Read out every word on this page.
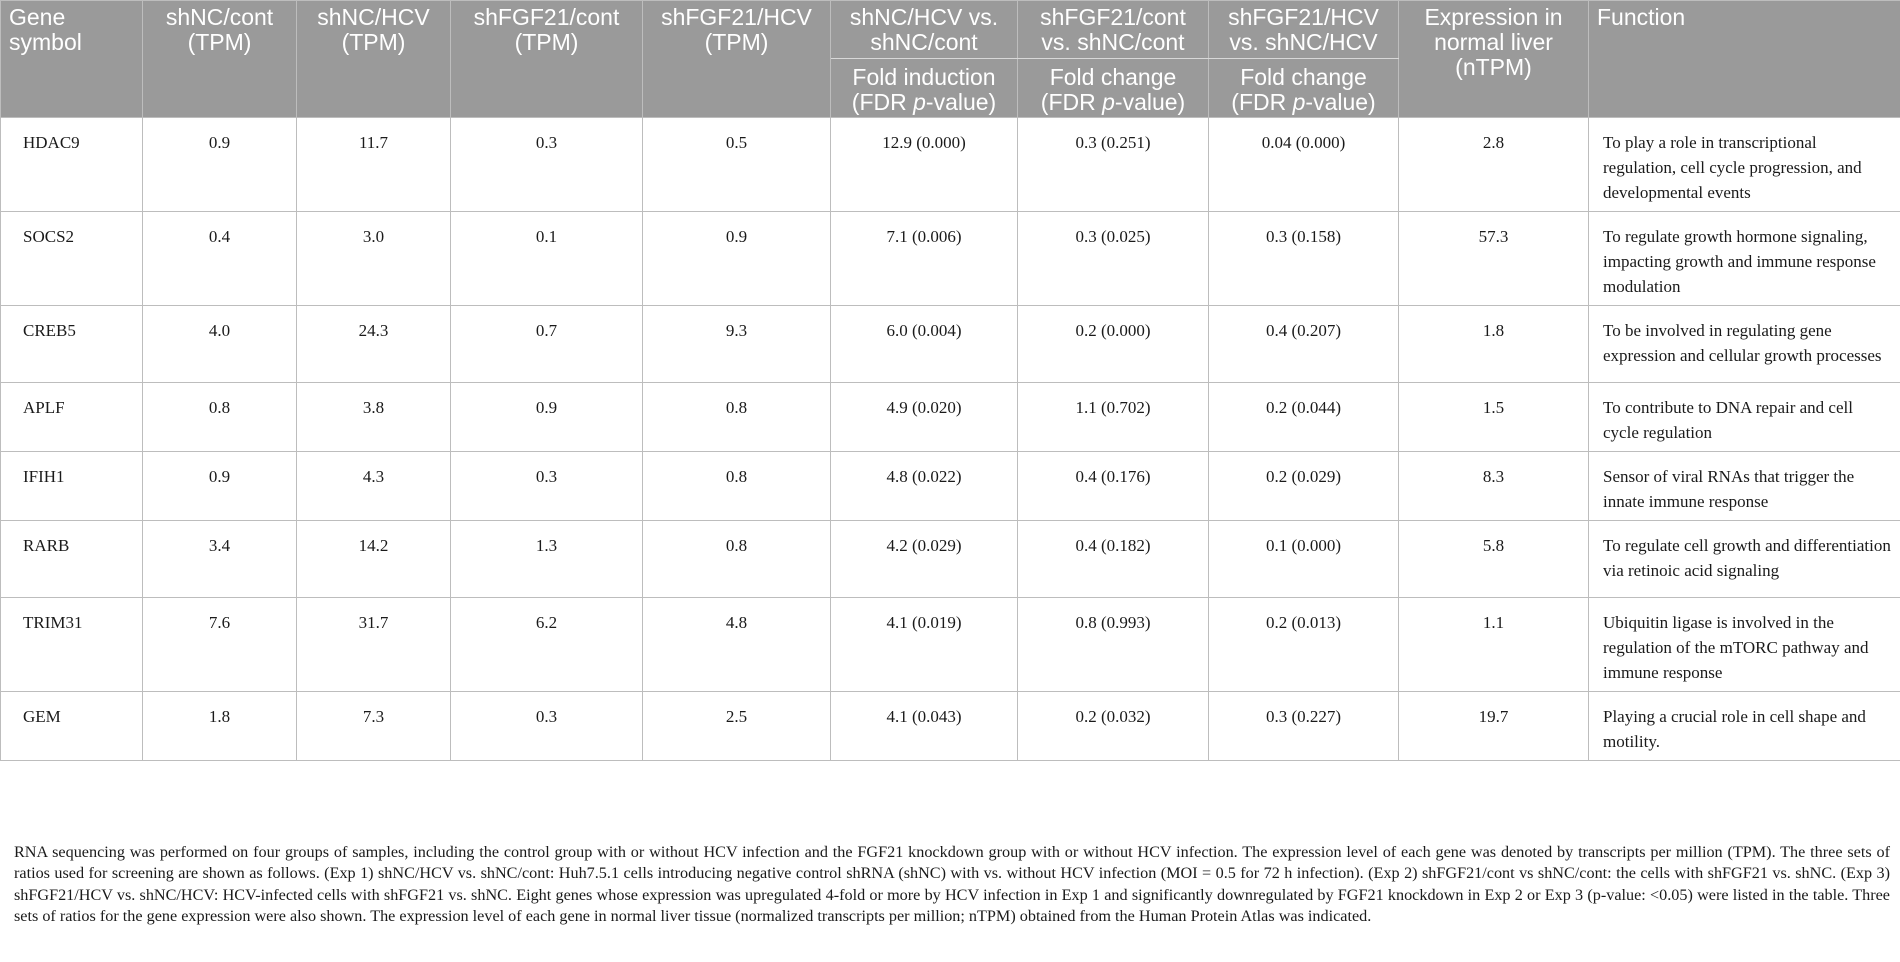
Gene symbol	shNC/cont (TPM)	shNC/HCV (TPM)	shFGF21/cont (TPM)	shFGF21/HCV (TPM)	shNC/HCV vs. shNC/cont	shFGF21/cont vs. shNC/cont	shFGF21/HCV vs. shNC/HCV	Expression in normal liver (nTPM)	Function
					Fold induction (FDR p-value)	Fold change (FDR p-value)	Fold change (FDR p-value)		
HDAC9	0.9	11.7	0.3	0.5	12.9 (0.000)	0.3 (0.251)	0.04 (0.000)	2.8	To play a role in transcriptional regulation, cell cycle progression, and developmental events
SOCS2	0.4	3.0	0.1	0.9	7.1 (0.006)	0.3 (0.025)	0.3 (0.158)	57.3	To regulate growth hormone signaling, impacting growth and immune response modulation
CREB5	4.0	24.3	0.7	9.3	6.0 (0.004)	0.2 (0.000)	0.4 (0.207)	1.8	To be involved in regulating gene expression and cellular growth processes
APLF	0.8	3.8	0.9	0.8	4.9 (0.020)	1.1 (0.702)	0.2 (0.044)	1.5	To contribute to DNA repair and cell cycle regulation
IFIH1	0.9	4.3	0.3	0.8	4.8 (0.022)	0.4 (0.176)	0.2 (0.029)	8.3	Sensor of viral RNAs that trigger the innate immune response
RARB	3.4	14.2	1.3	0.8	4.2 (0.029)	0.4 (0.182)	0.1 (0.000)	5.8	To regulate cell growth and differentiation via retinoic acid signaling
TRIM31	7.6	31.7	6.2	4.8	4.1 (0.019)	0.8 (0.993)	0.2 (0.013)	1.1	Ubiquitin ligase is involved in the regulation of the mTORC pathway and immune response
GEM	1.8	7.3	0.3	2.5	4.1 (0.043)	0.2 (0.032)	0.3 (0.227)	19.7	Playing a crucial role in cell shape and motility.

RNA sequencing was performed on four groups of samples, including the control group with or without HCV infection and the FGF21 knockdown group with or without HCV infection. The expression level of each gene was denoted by transcripts per million (TPM). The three sets of ratios used for screening are shown as follows. (Exp 1) shNC/HCV vs. shNC/cont: Huh7.5.1 cells introducing negative control shRNA (shNC) with vs. without HCV infection (MOI = 0.5 for 72 h infection). (Exp 2) shFGF21/cont vs shNC/cont: the cells with shFGF21 vs. shNC. (Exp 3) shFGF21/HCV vs. shNC/HCV: HCV-infected cells with shFGF21 vs. shNC. Eight genes whose expression was upregulated 4-fold or more by HCV infection in Exp 1 and significantly downregulated by FGF21 knockdown in Exp 2 or Exp 3 (p-value: <0.05) were listed in the table. Three sets of ratios for the gene expression were also shown. The expression level of each gene in normal liver tissue (normalized transcripts per million; nTPM) obtained from the Human Protein Atlas was indicated.
